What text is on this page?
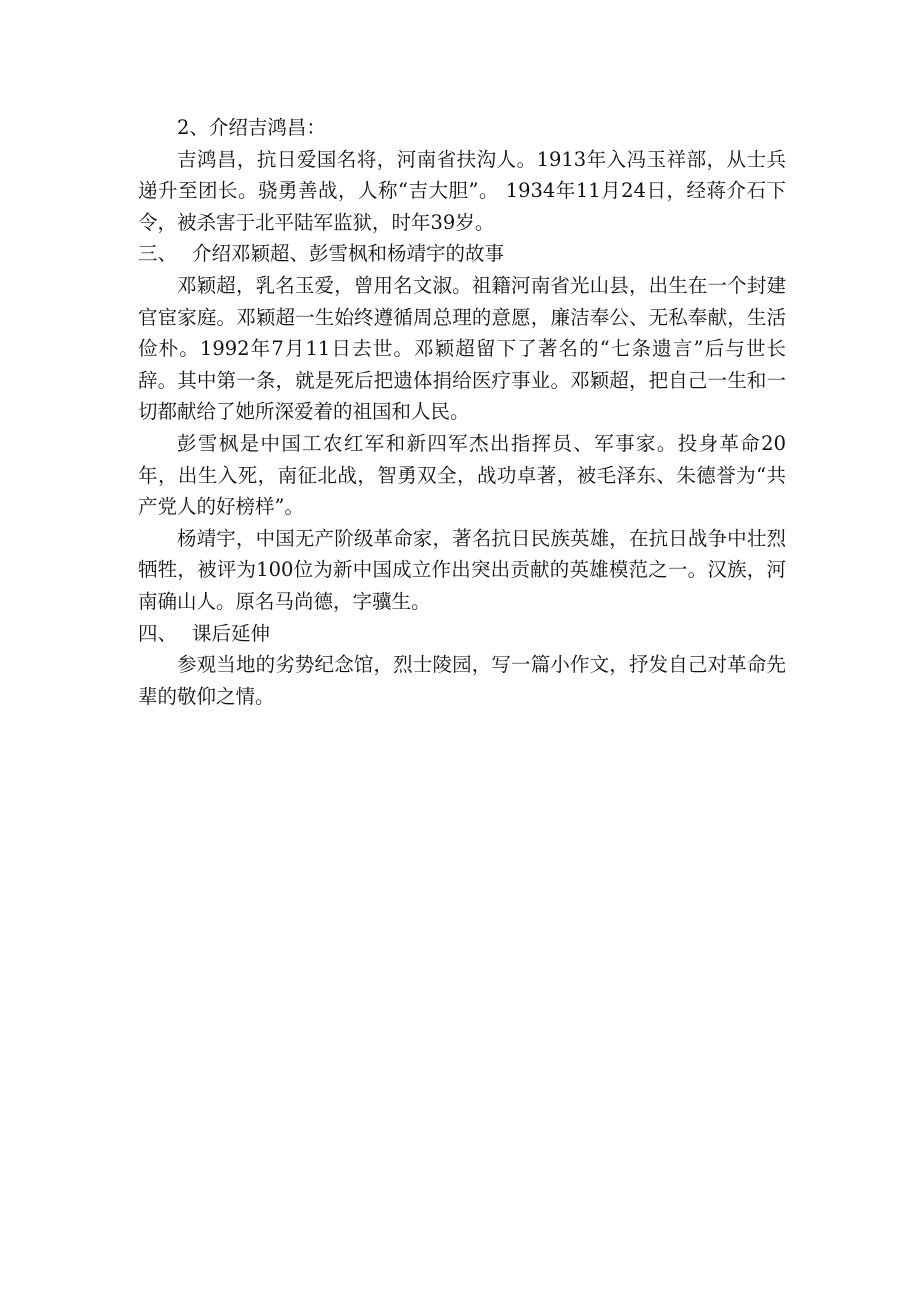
2、介绍吉鸿昌：

吉鸿昌，抗日爱国名将，河南省扶沟人。1913年入冯玉祥部，从士兵递升至团长。骁勇善战，人称“吉大胆”。 1934年11月24日，经蒋介石下令，被杀害于北平陆军监狱，时年39岁。

三、 介绍邓颖超、彭雪枫和杨靖宇的故事

邓颖超，乳名玉爱，曾用名文淑。祖籍河南省光山县，出生在一个封建官宦家庭。邓颖超一生始终遵循周总理的意愿，廉洁奉公、无私奉献，生活俭朴。1992年7月11日去世。邓颖超留下了著名的“七条遗言”后与世长辞。其中第一条，就是死后把遗体捐给医疗事业。邓颖超，把自己一生和一切都献给了她所深爱着的祖国和人民。

彭雪枫是中国工农红军和新四军杰出指挥员、军事家。投身革命20年，出生入死，南征北战，智勇双全，战功卓著，被毛泽东、朱德誉为“共产党人的好榜样”。

杨靖宇，中国无产阶级革命家，著名抗日民族英雄，在抗日战争中壮烈牺牲，被评为100位为新中国成立作出突出贡献的英雄模范之一。汉族，河南确山人。原名马尚德，字骥生。

四、 课后延伸

参观当地的劣势纪念馆，烈士陵园，写一篇小作文，抒发自己对革命先辈的敬仰之情。
